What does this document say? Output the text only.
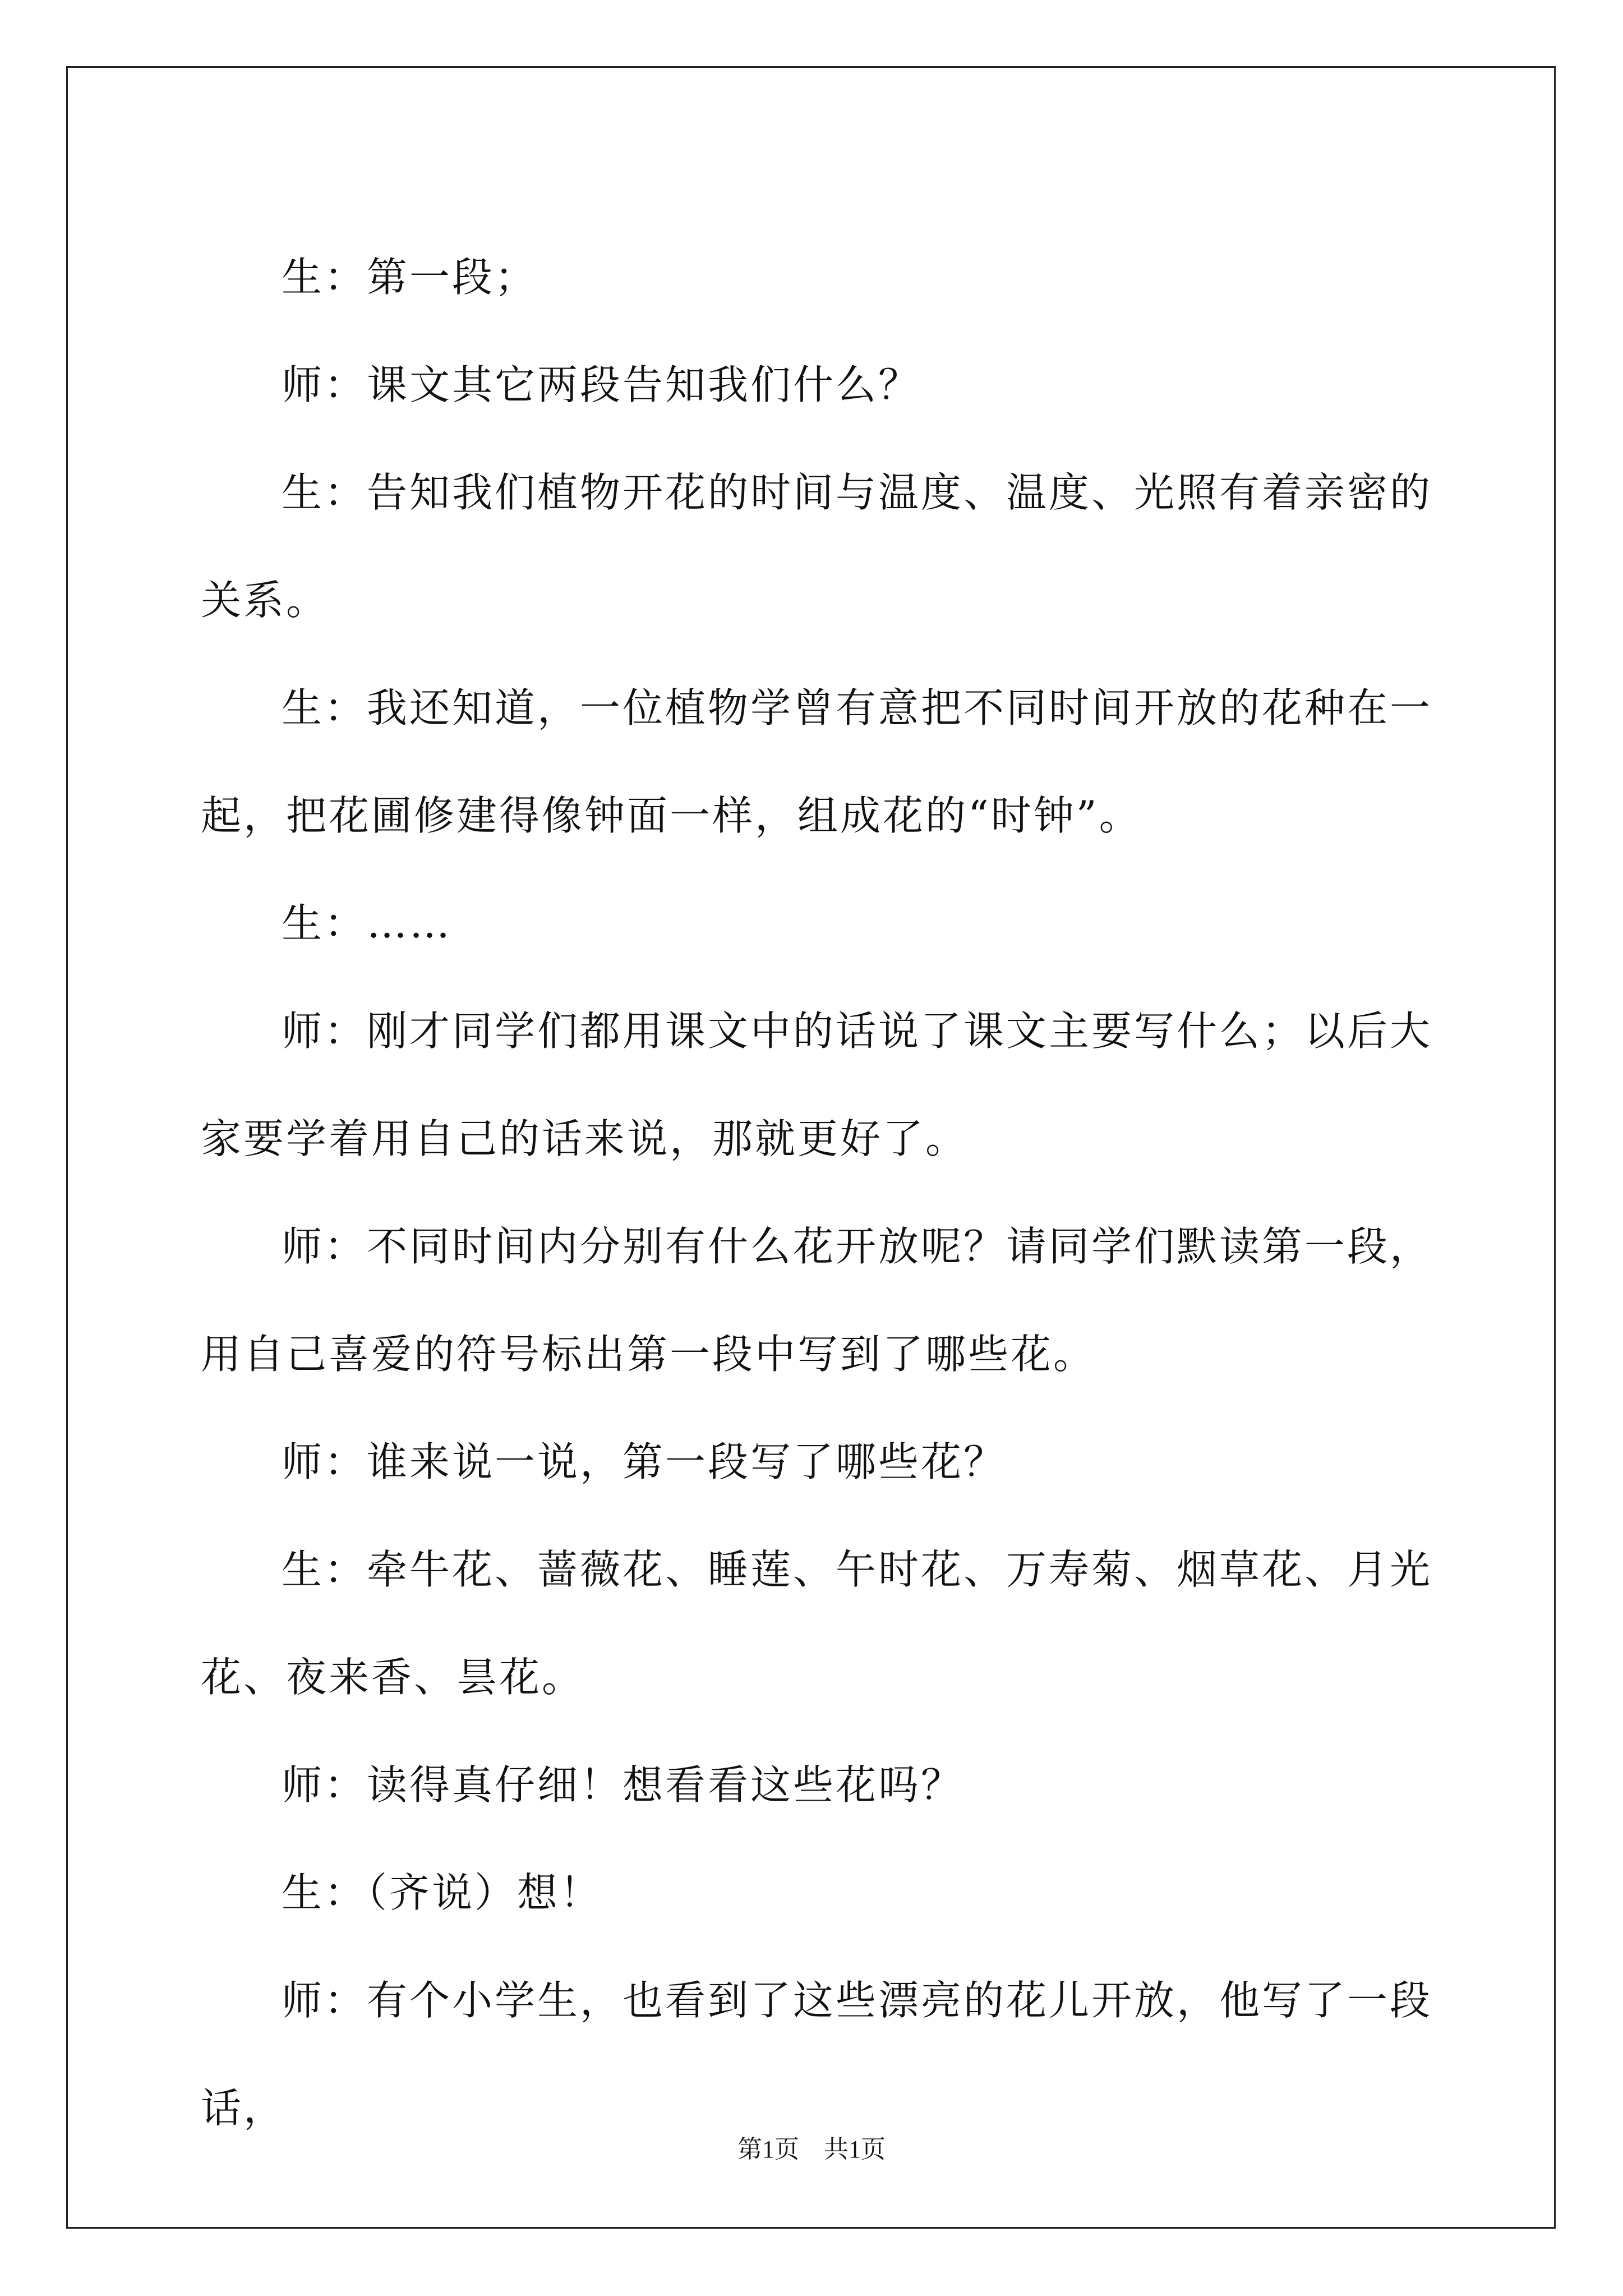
生：第一段；

师：课文其它两段告知我们什么？

生：告知我们植物开花的时间与温度、温度、光照有着亲密的关系。

生：我还知道，一位植物学曾有意把不同时间开放的花种在一起，把花圃修建得像钟面一样，组成花的“时钟”。

生：……

师：刚才同学们都用课文中的话说了课文主要写什么；以后大家要学着用自己的话来说，那就更好了。

师：不同时间内分别有什么花开放呢？请同学们默读第一段，用自己喜爱的符号标出第一段中写到了哪些花。

师：谁来说一说，第一段写了哪些花？

生：牵牛花、蔷薇花、睡莲、午时花、万寿菊、烟草花、月光花、夜来香、昙花。

师：读得真仔细！想看看这些花吗？

生：（齐说）想！

师：有个小学生，也看到了这些漂亮的花儿开放，他写了一段话，

第1页　共1页
